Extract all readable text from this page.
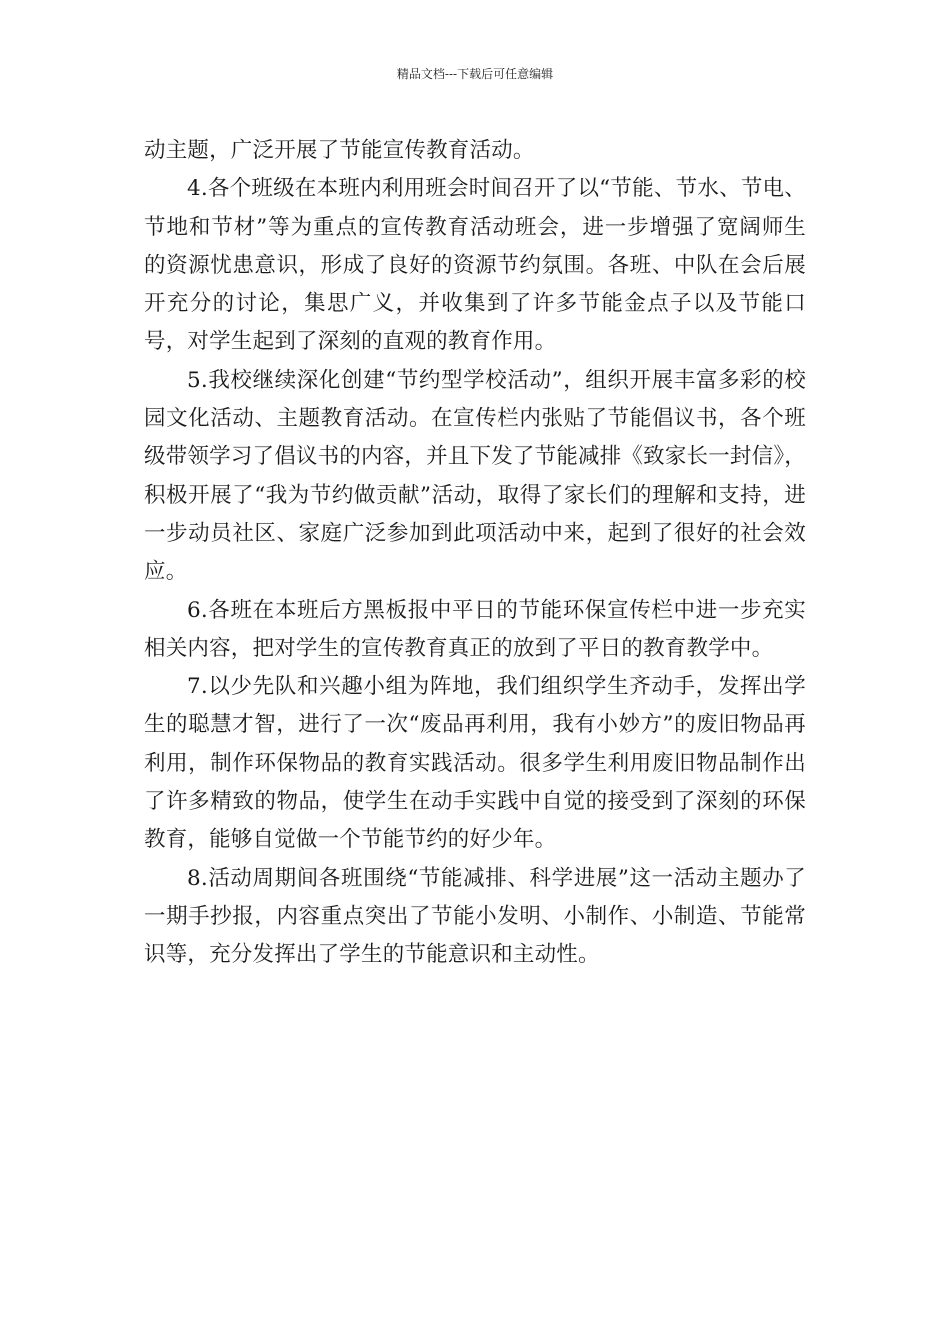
精品文档---下载后可任意编辑

动主题，广泛开展了节能宣传教育活动。

4.各个班级在本班内利用班会时间召开了以“节能、节水、节电、节地和节材”等为重点的宣传教育活动班会，进一步增强了宽阔师生的资源忧患意识，形成了良好的资源节约氛围。各班、中队在会后展开充分的讨论，集思广义，并收集到了许多节能金点子以及节能口号，对学生起到了深刻的直观的教育作用。

5.我校继续深化创建“节约型学校活动”，组织开展丰富多彩的校园文化活动、主题教育活动。在宣传栏内张贴了节能倡议书，各个班级带领学习了倡议书的内容，并且下发了节能减排《致家长一封信》，积极开展了“我为节约做贡献”活动，取得了家长们的理解和支持，进一步动员社区、家庭广泛参加到此项活动中来，起到了很好的社会效应。

6.各班在本班后方黑板报中平日的节能环保宣传栏中进一步充实相关内容，把对学生的宣传教育真正的放到了平日的教育教学中。

7.以少先队和兴趣小组为阵地，我们组织学生齐动手，发挥出学生的聪慧才智，进行了一次“废品再利用，我有小妙方”的废旧物品再利用，制作环保物品的教育实践活动。很多学生利用废旧物品制作出了许多精致的物品，使学生在动手实践中自觉的接受到了深刻的环保教育，能够自觉做一个节能节约的好少年。

8.活动周期间各班围绕“节能减排、科学进展”这一活动主题办了一期手抄报，内容重点突出了节能小发明、小制作、小制造、节能常识等，充分发挥出了学生的节能意识和主动性。
